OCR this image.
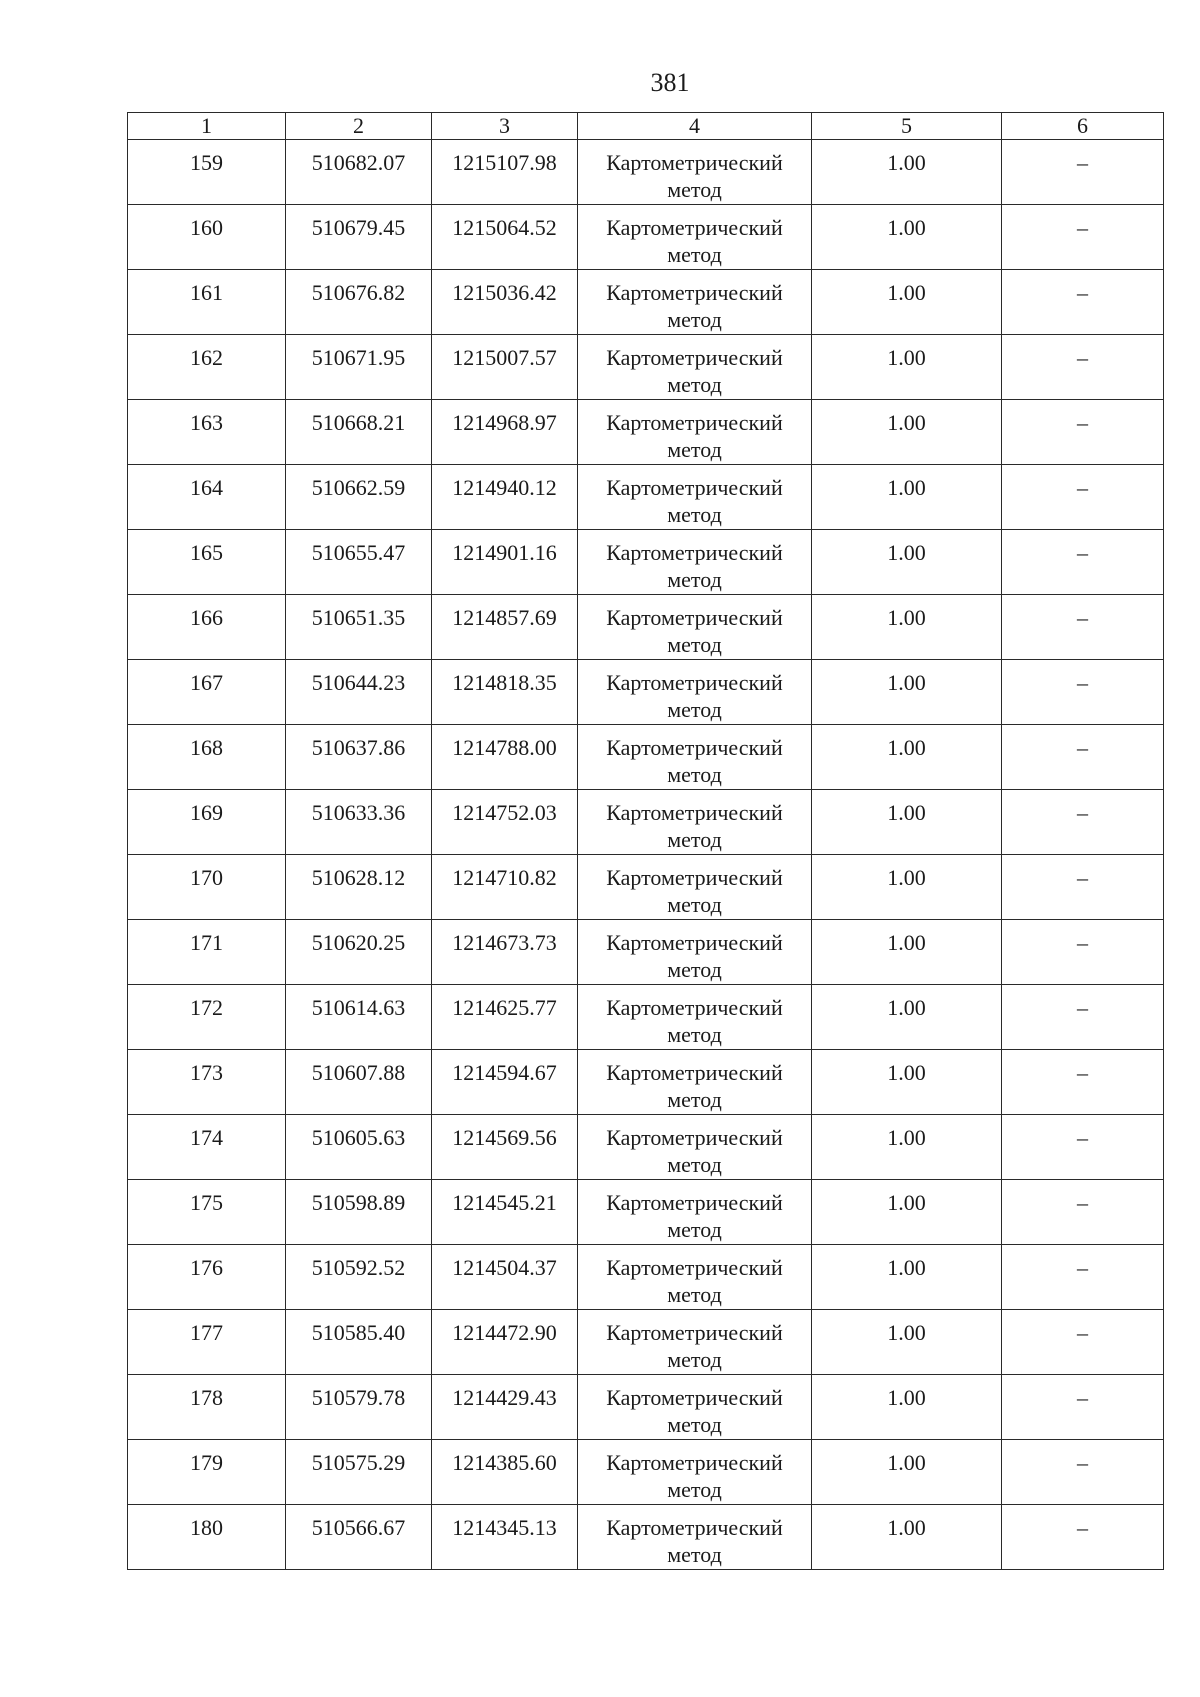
381
1	2	3	4	5	6
159	510682.07	1215107.98	Картометрический метод	1.00	–
160	510679.45	1215064.52	Картометрический метод	1.00	–
161	510676.82	1215036.42	Картометрический метод	1.00	–
162	510671.95	1215007.57	Картометрический метод	1.00	–
163	510668.21	1214968.97	Картометрический метод	1.00	–
164	510662.59	1214940.12	Картометрический метод	1.00	–
165	510655.47	1214901.16	Картометрический метод	1.00	–
166	510651.35	1214857.69	Картометрический метод	1.00	–
167	510644.23	1214818.35	Картометрический метод	1.00	–
168	510637.86	1214788.00	Картометрический метод	1.00	–
169	510633.36	1214752.03	Картометрический метод	1.00	–
170	510628.12	1214710.82	Картометрический метод	1.00	–
171	510620.25	1214673.73	Картометрический метод	1.00	–
172	510614.63	1214625.77	Картометрический метод	1.00	–
173	510607.88	1214594.67	Картометрический метод	1.00	–
174	510605.63	1214569.56	Картометрический метод	1.00	–
175	510598.89	1214545.21	Картометрический метод	1.00	–
176	510592.52	1214504.37	Картометрический метод	1.00	–
177	510585.40	1214472.90	Картометрический метод	1.00	–
178	510579.78	1214429.43	Картометрический метод	1.00	–
179	510575.29	1214385.60	Картометрический метод	1.00	–
180	510566.67	1214345.13	Картометрический метод	1.00	–
